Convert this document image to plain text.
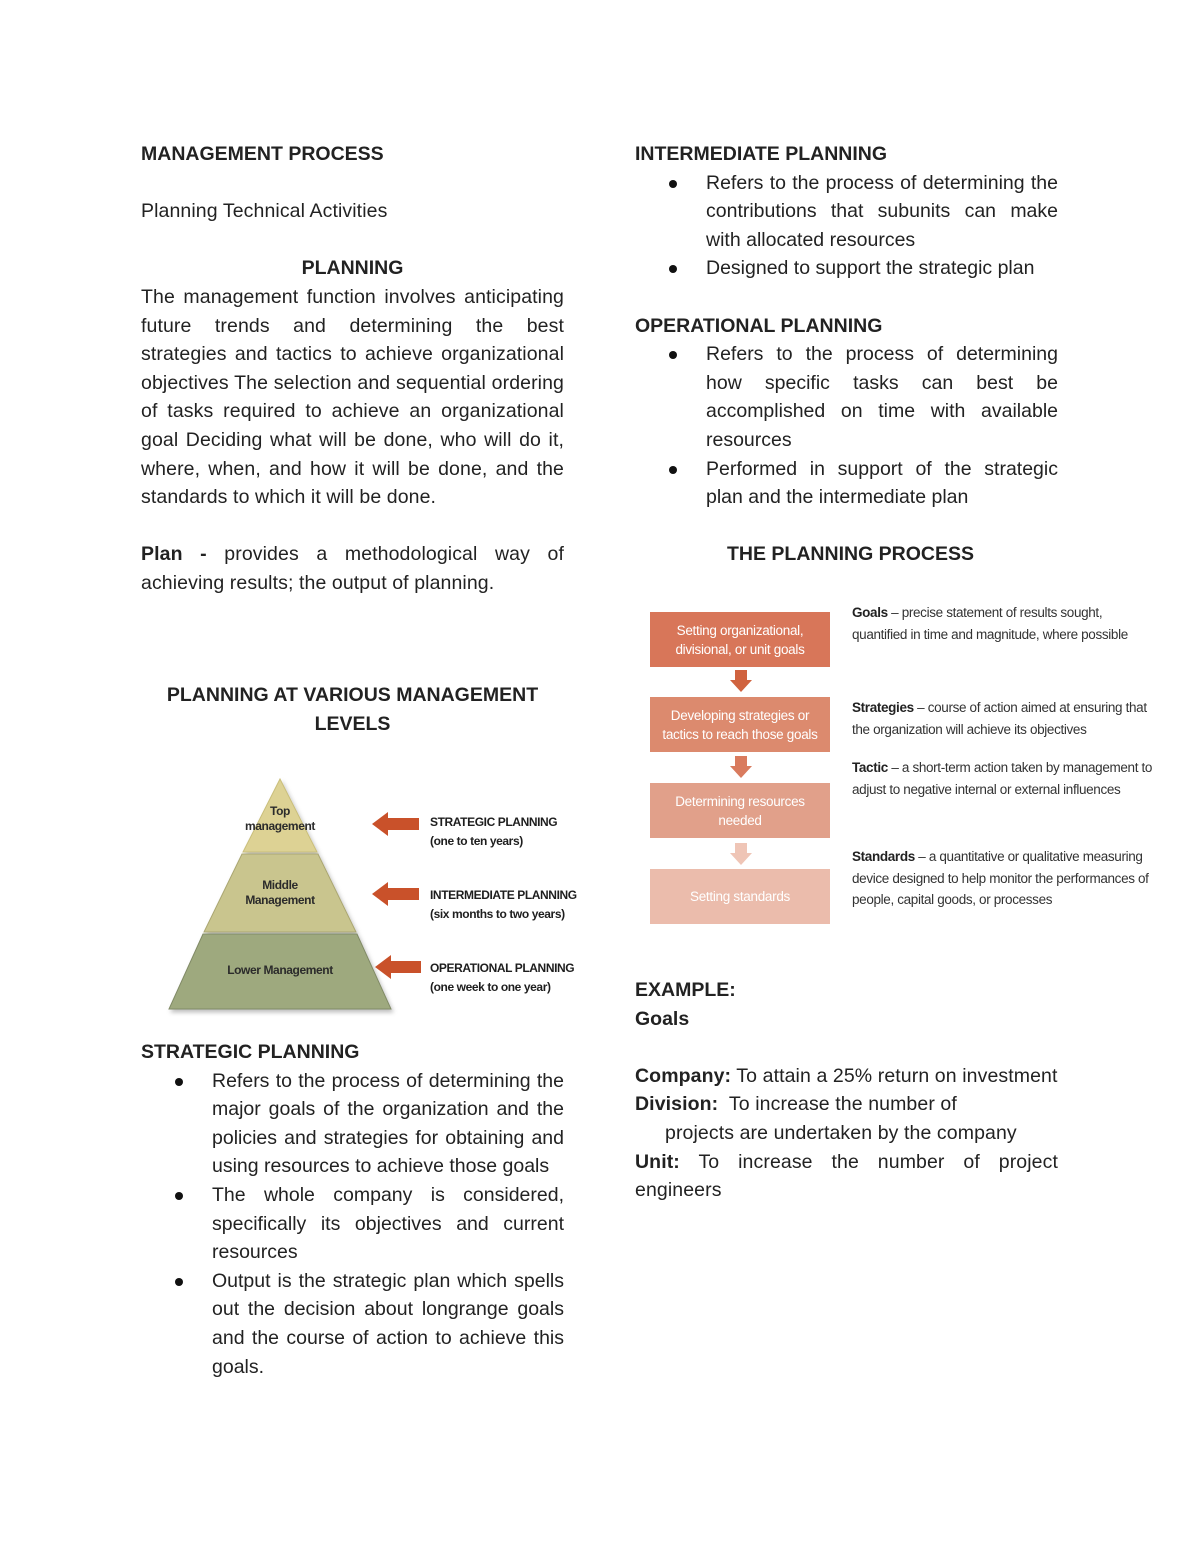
MANAGEMENT PROCESS
Planning Technical Activities
PLANNING
The management function involves anticipating future trends and determining the best strategies and tactics to achieve organizational objectives The selection and sequential ordering of tasks required to achieve an organizational goal Deciding what will be done, who will do it, where, when, and how it will be done, and the standards to which it will be done.
Plan - provides a methodological way of achieving results; the output of planning.
PLANNING AT VARIOUS MANAGEMENT LEVELS
Top management
Middle Management
Lower Management
STRATEGIC PLANNING
(one to ten years)
INTERMEDIATE PLANNING
(six months to two years)
OPERATIONAL PLANNING
(one week to one year)
STRATEGIC PLANNING
Refers to the process of determining the major goals of the organization and the policies and strategies for obtaining and using resources to achieve those goals
The whole company is considered, specifically its objectives and current resources
Output is the strategic plan which spells out the decision about longrange goals and the course of action to achieve this goals.
INTERMEDIATE PLANNING
Refers to the process of determining the contributions that subunits can make with allocated resources
Designed to support the strategic plan
OPERATIONAL PLANNING
Refers to the process of determining how specific tasks can best be accomplished on time with available resources
Performed in support of the strategic plan and the intermediate plan
THE PLANNING PROCESS
Setting organizational, divisional, or unit goals
Developing strategies or tactics to reach those goals
Determining resources needed
Setting standards
Goals – precise statement of results sought, quantified in time and magnitude, where possible
Strategies – course of action aimed at ensuring that the organization will achieve its objectives
Tactic – a short-term action taken by management to adjust to negative internal or external influences
Standards – a quantitative or qualitative measuring device designed to help monitor the performances of people, capital goods, or processes
EXAMPLE:
Goals
Company: To attain a 25% return on investment
Division:  To increase the number of
projects are undertaken by the company
Unit: To increase the number of project engineers
